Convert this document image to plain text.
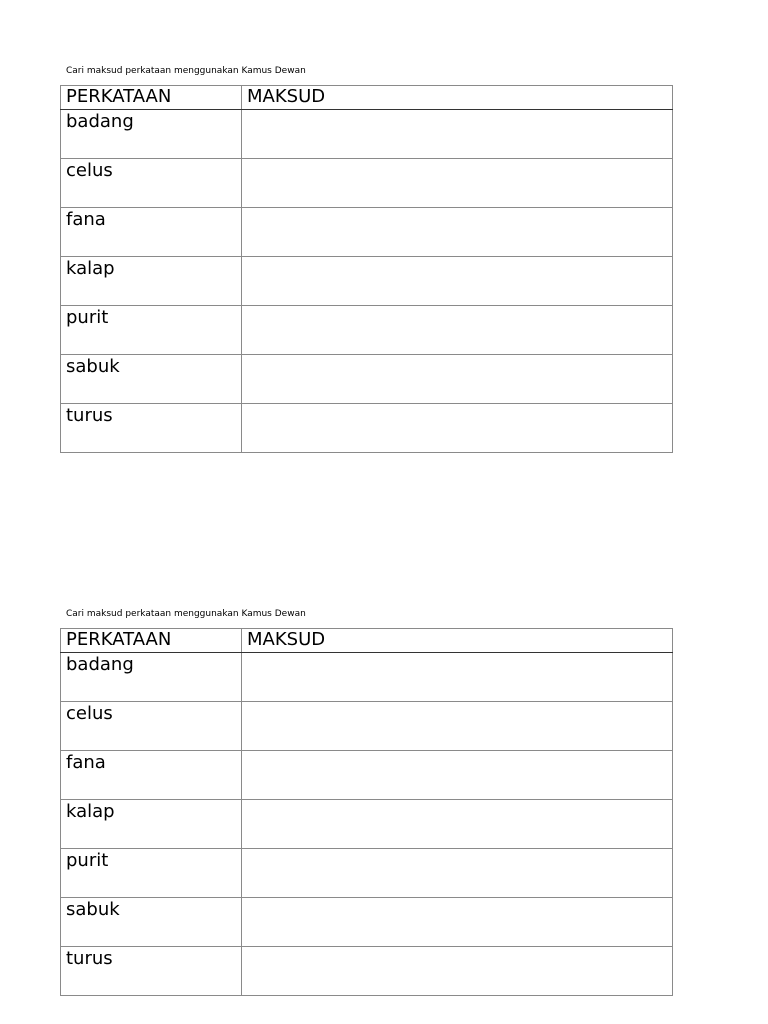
Cari maksud perkataan menggunakan Kamus Dewan
PERKATAAN	MAKSUD
badang	
celus	
fana	
kalap	
purit	
sabuk	
turus	
Cari maksud perkataan menggunakan Kamus Dewan
PERKATAAN	MAKSUD
badang	
celus	
fana	
kalap	
purit	
sabuk	
turus	
